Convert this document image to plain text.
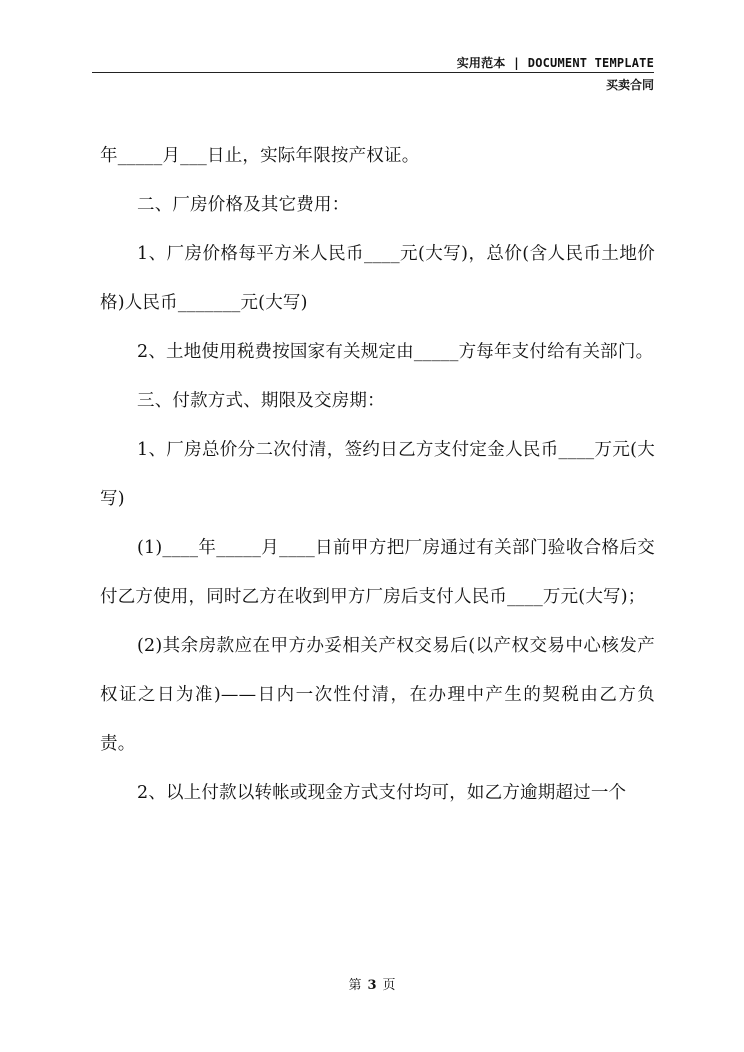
实用范本 | DOCUMENT TEMPLATE
买卖合同

年_____月___日止，实际年限按产权证。

二、厂房价格及其它费用：

1、厂房价格每平方米人民币____元(大写)，总价(含人民币土地价格)人民币_______元(大写)

2、土地使用税费按国家有关规定由_____方每年支付给有关部门。

三、付款方式、期限及交房期：

1、厂房总价分二次付清，签约日乙方支付定金人民币____万元(大写)

(1)____年_____月____日前甲方把厂房通过有关部门验收合格后交付乙方使用，同时乙方在收到甲方厂房后支付人民币____万元(大写)；

(2)其余房款应在甲方办妥相关产权交易后(以产权交易中心核发产权证之日为准)——日内一次性付清，在办理中产生的契税由乙方负责。

2、以上付款以转帐或现金方式支付均可，如乙方逾期超过一个

第 3 页
